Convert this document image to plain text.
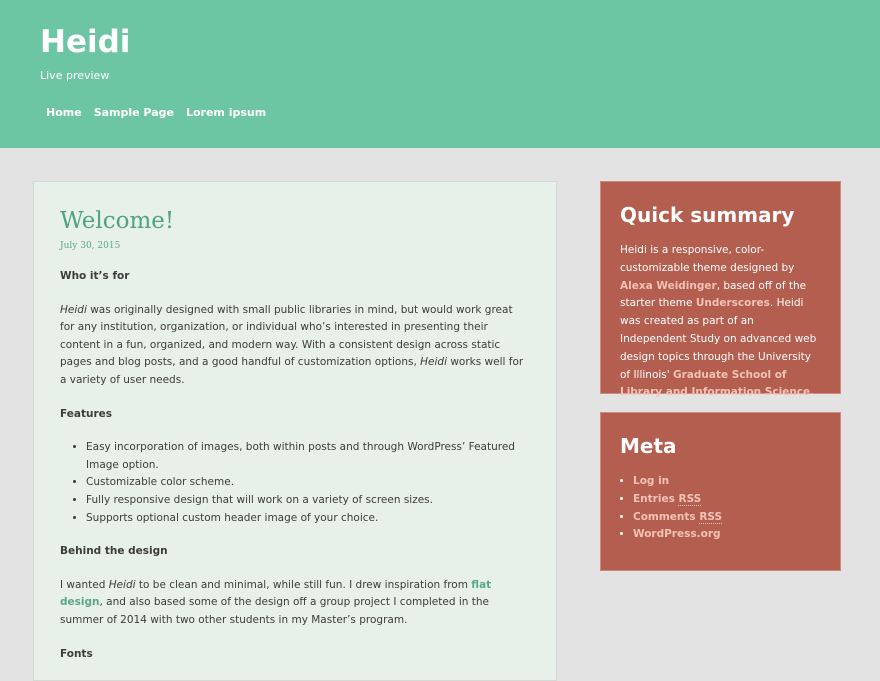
Heidi
Live preview
Home Sample Page Lorem ipsum
Welcome!
July 30, 2015
Who it’s for

Heidi was originally designed with small public libraries in mind, but would work great for any institution, organization, or individual who’s interested in presenting their content in a fun, organized, and modern way. With a consistent design across static pages and blog posts, and a good handful of customization options, Heidi works well for a variety of user needs.

Features
• Easy incorporation of images, both within posts and through WordPress’ Featured Image option.
• Customizable color scheme.
• Fully responsive design that will work on a variety of screen sizes.
• Supports optional custom header image of your choice.
Behind the design

I wanted Heidi to be clean and minimal, while still fun. I drew inspiration from flat design, and also based some of the design off a group project I completed in the summer of 2014 with two other students in my Master’s program.

Fonts
Quick summary
Heidi is a responsive, color-customizable theme designed by Alexa Weidinger, based off of the starter theme Underscores. Heidi was created as part of an Independent Study on advanced web design topics through the University of Illinois' Graduate School of Library and Information Science.
Meta
• Log in
• Entries RSS
• Comments RSS
• WordPress.org
